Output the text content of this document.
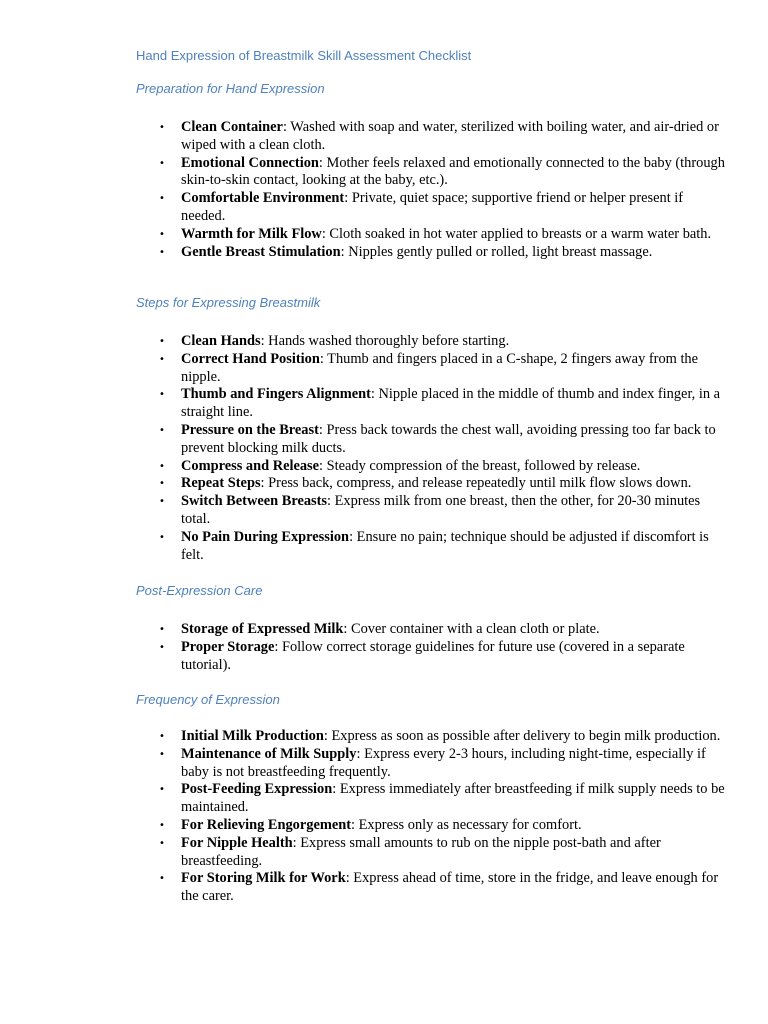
Hand Expression of Breastmilk Skill Assessment Checklist
Preparation for Hand Expression
• Clean Container: Washed with soap and water, sterilized with boiling water, and air-dried or wiped with a clean cloth.
• Emotional Connection: Mother feels relaxed and emotionally connected to the baby (through skin-to-skin contact, looking at the baby, etc.).
• Comfortable Environment: Private, quiet space; supportive friend or helper present if needed.
• Warmth for Milk Flow: Cloth soaked in hot water applied to breasts or a warm water bath.
• Gentle Breast Stimulation: Nipples gently pulled or rolled, light breast massage.
Steps for Expressing Breastmilk
• Clean Hands: Hands washed thoroughly before starting.
• Correct Hand Position: Thumb and fingers placed in a C-shape, 2 fingers away from the nipple.
• Thumb and Fingers Alignment: Nipple placed in the middle of thumb and index finger, in a straight line.
• Pressure on the Breast: Press back towards the chest wall, avoiding pressing too far back to prevent blocking milk ducts.
• Compress and Release: Steady compression of the breast, followed by release.
• Repeat Steps: Press back, compress, and release repeatedly until milk flow slows down.
• Switch Between Breasts: Express milk from one breast, then the other, for 20-30 minutes total.
• No Pain During Expression: Ensure no pain; technique should be adjusted if discomfort is felt.
Post-Expression Care
• Storage of Expressed Milk: Cover container with a clean cloth or plate.
• Proper Storage: Follow correct storage guidelines for future use (covered in a separate tutorial).
Frequency of Expression
• Initial Milk Production: Express as soon as possible after delivery to begin milk production.
• Maintenance of Milk Supply: Express every 2-3 hours, including night-time, especially if baby is not breastfeeding frequently.
• Post-Feeding Expression: Express immediately after breastfeeding if milk supply needs to be maintained.
• For Relieving Engorgement: Express only as necessary for comfort.
• For Nipple Health: Express small amounts to rub on the nipple post-bath and after breastfeeding.
• For Storing Milk for Work: Express ahead of time, store in the fridge, and leave enough for the carer.
